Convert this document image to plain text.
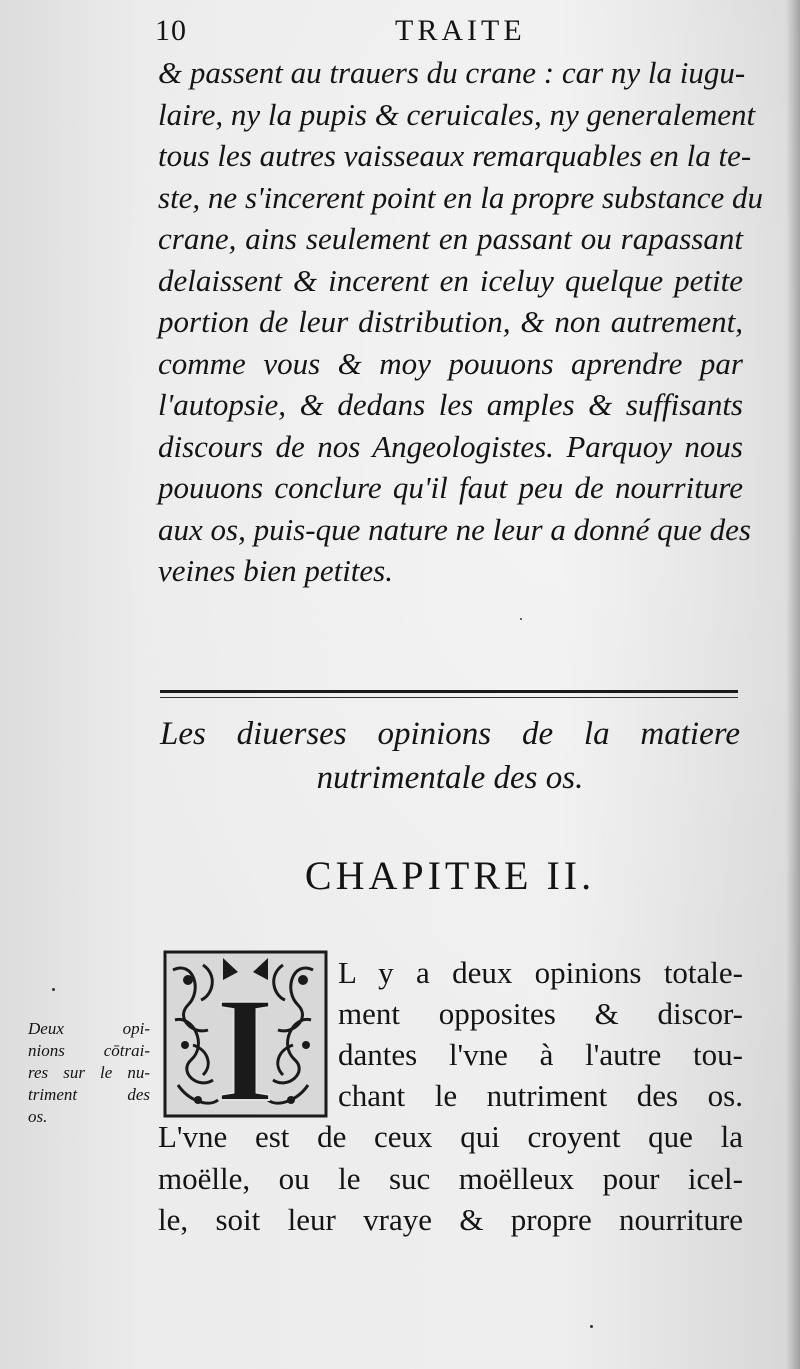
10	TRAITE
& passent au trauers du crane : car ny la iugu-
laire, ny la pupis & ceruicales, ny generalement
tous les autres vaisseaux remarquables en la te-
ste, ne s'incerent point en la propre substance du
crane, ains seulement en passant ou rapassant
delaissent & incerent en iceluy quelque petite
portion de leur distribution, & non autrement,
comme vous & moy pouuons aprendre par
l'autopsie, & dedans les amples & suffisants
discours de nos Angeologistes. Parquoy nous
pouuons conclure qu'il faut peu de nourriture
aux os, puis-que nature ne leur a donné que des
veines bien petites.
Les diuerses opinions de la matiere
nutrimentale des os.
CHAPITRE II.
I L y a deux opinions totale-
ment opposites & discor-
dantes l'vne à l'autre tou-
chant le nutriment des os.
L'vne est de ceux qui croyent que la
moëlle, ou le suc moëlleux pour icel-
le, soit leur vraye & propre nourriture
Deux opi-
nions cōtrai-
res sur le nu-
triment des
os.
